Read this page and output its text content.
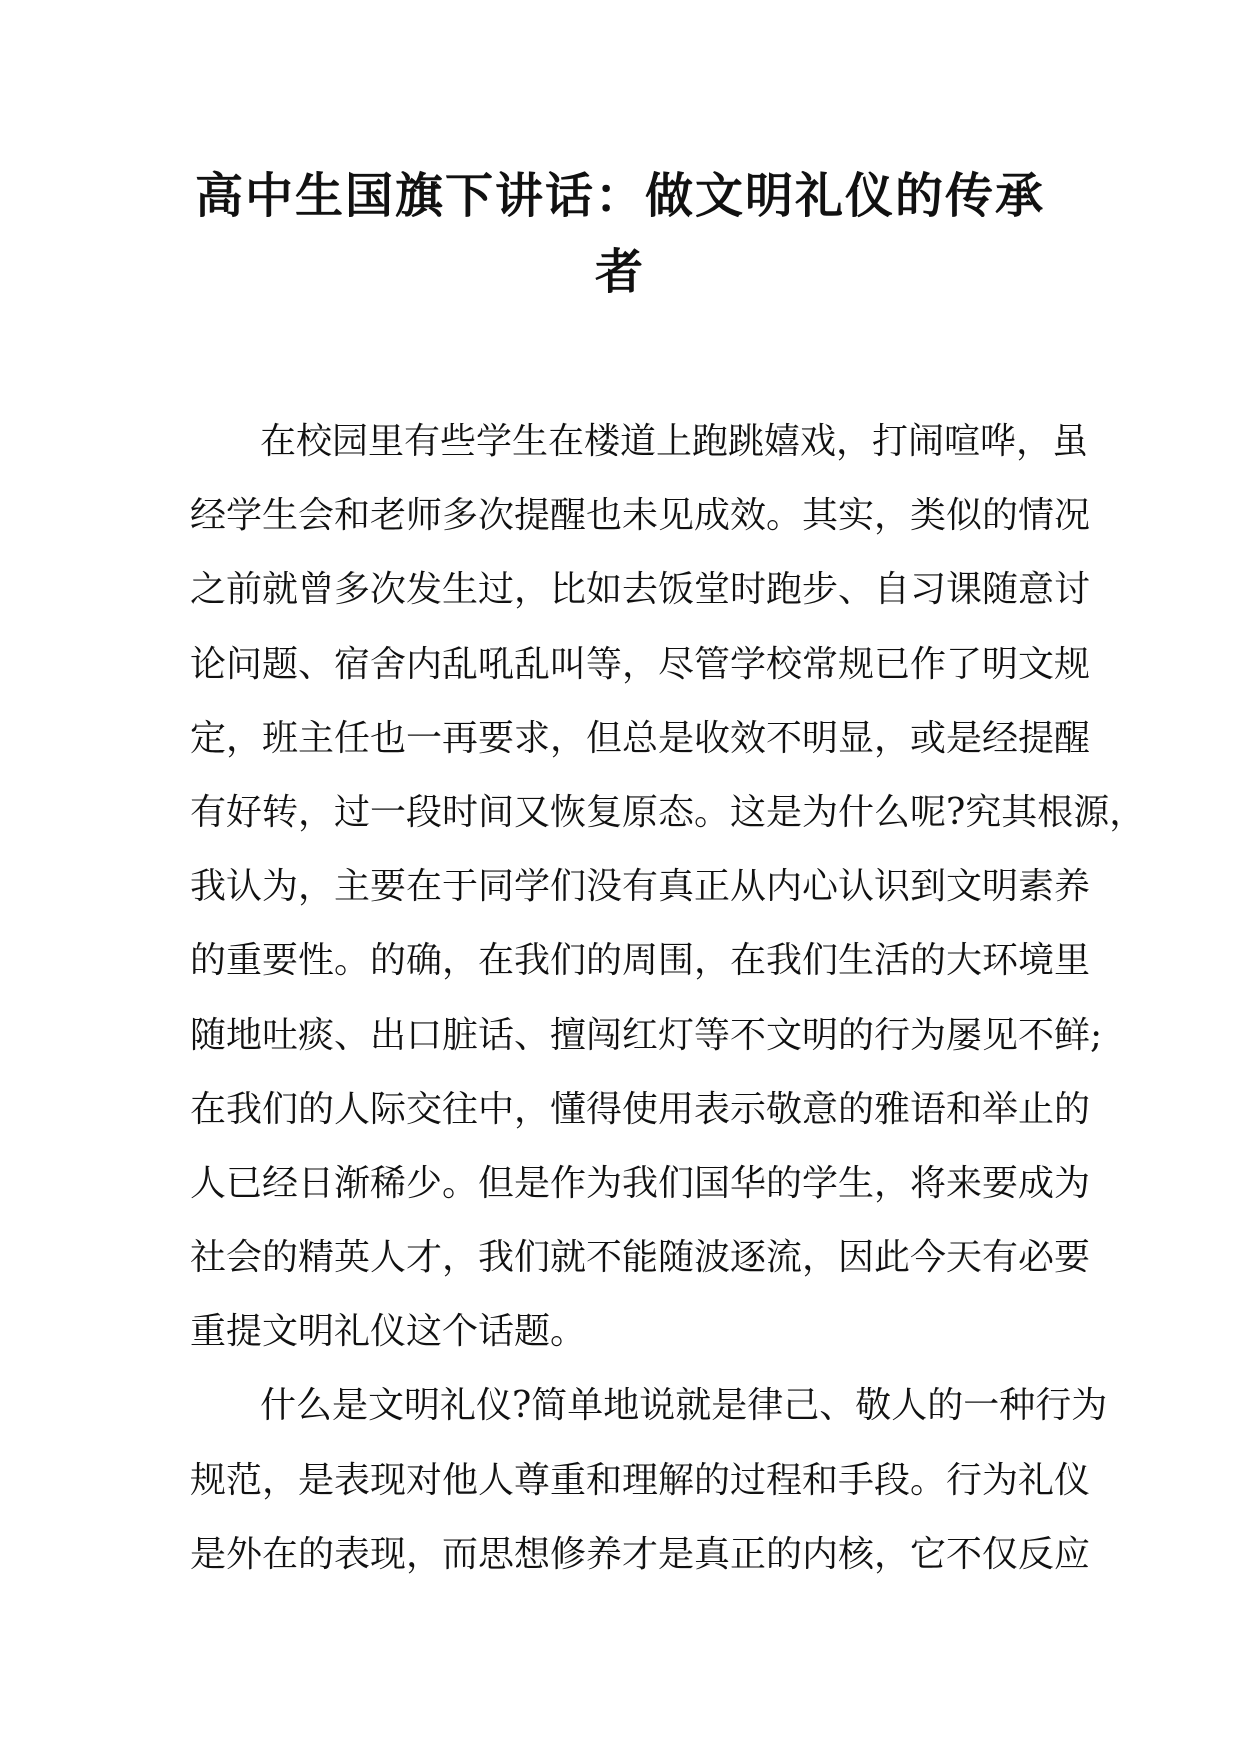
高中生国旗下讲话：做文明礼仪的传承
者
在校园里有些学生在楼道上跑跳嬉戏，打闹喧哗，虽
经学生会和老师多次提醒也未见成效。其实，类似的情况
之前就曾多次发生过，比如去饭堂时跑步、自习课随意讨
论问题、宿舍内乱吼乱叫等，尽管学校常规已作了明文规
定，班主任也一再要求，但总是收效不明显，或是经提醒
有好转，过一段时间又恢复原态。这是为什么呢?究其根源，
我认为，主要在于同学们没有真正从内心认识到文明素养
的重要性。的确，在我们的周围，在我们生活的大环境里
随地吐痰、出口脏话、擅闯红灯等不文明的行为屡见不鲜;
在我们的人际交往中，懂得使用表示敬意的雅语和举止的
人已经日渐稀少。但是作为我们国华的学生，将来要成为
社会的精英人才，我们就不能随波逐流，因此今天有必要
重提文明礼仪这个话题。
什么是文明礼仪?简单地说就是律己、敬人的一种行为
规范，是表现对他人尊重和理解的过程和手段。行为礼仪
是外在的表现，而思想修养才是真正的内核，它不仅反应
